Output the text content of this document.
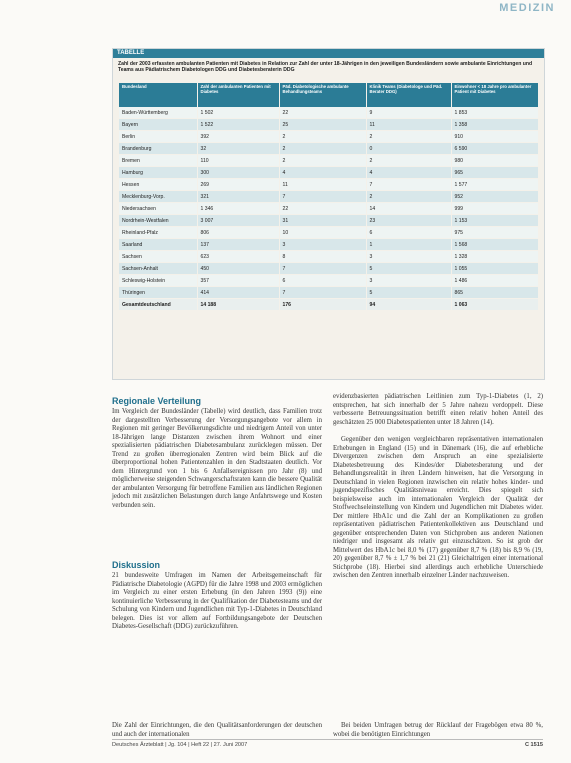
MEDIZIN
TABELLE
Zahl der 2003 erfassten ambulanten Patienten mit Diabetes in Relation zur Zahl der unter 18-Jährigen in den jeweiligen Bundesländern sowie ambulante Einrichtungen und Teams aus Pädiatrischem Diabetologen DDG und Diabetesberaterin DDG
Bundesland	Zahl der ambulanten Patienten mit Diabetes	Päd. Diabetologische ambulante Behandlungsteams	Klinik Teams (Diabetologe und Päd. Berater DDG)	Einwohner < 18 Jahre pro ambulanter Patient mit Diabetes
Baden-Württemberg	1 502	22	9	1 853
Bayern	1 522	25	11	1 358
Berlin	392	2	2	910
Brandenburg	32	2	0	6 590
Bremen	110	2	2	980
Hamburg	300	4	4	965
Hessen	269	11	7	1 577
Mecklenburg-Vorp.	321	7	2	952
Niedersachsen	1 346	22	14	999
Nordrhein-Westfalen	3 007	31	23	1 153
Rheinland-Pfalz	806	10	6	975
Saarland	137	3	1	1 568
Sachsen	623	8	3	1 328
Sachsen-Anhalt	450	7	5	1 055
Schleswig-Holstein	357	6	3	1 486
Thüringen	414	7	5	865
Gesamtdeutschland	14 188	176	94	1 063
Regionale Verteilung
Im Vergleich der Bundesländer (Tabelle) wird deutlich, dass Familien trotz der dargestellten Verbesserung der Versorgungsangebote vor allem in Regionen mit geringer Bevölkerungsdichte und niedrigem Anteil von unter 18-Jährigen lange Distanzen zwischen ihrem Wohnort und einer spezialisierten pädiatrischen Diabetesambulanz zurücklegen müssen. Der Trend zu großen überregionalen Zentren wird beim Blick auf die überproportional hohen Patientenzahlen in den Stadtstaaten deutlich. Vor dem Hintergrund von 1 bis 6 Anfallsereignissen pro Jahr (8) und möglicherweise steigenden Schwangerschaftsraten kann die bessere Qualität der ambulanten Versorgung für betroffene Familien aus ländlichen Regionen jedoch mit zusätzlichen Belastungen durch lange Anfahrtswege und Kosten verbunden sein.
Diskussion
21 bundesweite Umfragen im Namen der Arbeitsgemeinschaft für Pädiatrische Diabetologie (AGPD) für die Jahre 1998 und 2003 ermöglichen im Vergleich zu einer ersten Erhebung (in den Jahren 1993 (9)) eine kontinuierliche Verbesserung in der Qualifikation der Diabetesteams und der Schulung von Kindern und Jugendlichen mit Typ-1-Diabetes in Deutschland belegen. Dies ist vor allem auf Fortbildungsangebote der Deutschen Diabetes-Gesellschaft (DDG) zurückzuführen.
Die Zahl der Einrichtungen, die den Qualitätsanforderungen der deutschen und auch der internationalen
evidenzbasierten pädiatrischen Leitlinien zum Typ-1-Diabetes (1, 2) entsprechen, hat sich innerhalb der 5 Jahre nahezu verdoppelt. Diese verbesserte Betreuungssituation betrifft einen relativ hohen Anteil des geschätzten 25 000 Diabetespatienten unter 18 Jahren (14).
Gegenüber den wenigen vergleichbaren repräsentativen internationalen Erhebungen in England (15) und in Dänemark (16), die auf erhebliche Divergenzen zwischen dem Anspruch an eine spezialisierte Diabetesbetreuung des Kindes/der Diabetesberatung und der Behandlungsrealität in ihren Ländern hinweisen, hat die Versorgung in Deutschland in vielen Regionen inzwischen ein relativ hohes kinder- und jugendspezifisches Qualitätsniveau erreicht. Dies spiegelt sich beispielsweise auch im internationalen Vergleich der Qualität der Stoffwechseleinstellung von Kindern und Jugendlichen mit Diabetes wider. Der mittlere HbA1c und die Zahl der an Komplikationen zu großen repräsentativen pädiatrischen Patientenkollektiven aus Deutschland und gegenüber entsprechenden Daten von Stichproben aus anderen Nationen niedriger und insgesamt als relativ gut einzuschätzen. So ist grob der Mittelwert des HbA1c bei 8,0 % (17) gegenüber 8,7 % (18) bis 8,9 % (19, 20) gegenüber 8,7 % ± 1,7 % bei 21 (21) Gleichaltrigen einer international Stichprobe (18). Hierbei sind allerdings auch erhebliche Unterschiede zwischen den Zentren innerhalb einzelner Länder nachzuweisen.
Bei beiden Umfragen betrug der Rücklauf der Fragebögen etwa 80 %, wobei die benötigten Einrichtungen
Deutsches Ärzteblatt | Jg. 104 | Heft 22 | 27. Juni 2007	C 1515
